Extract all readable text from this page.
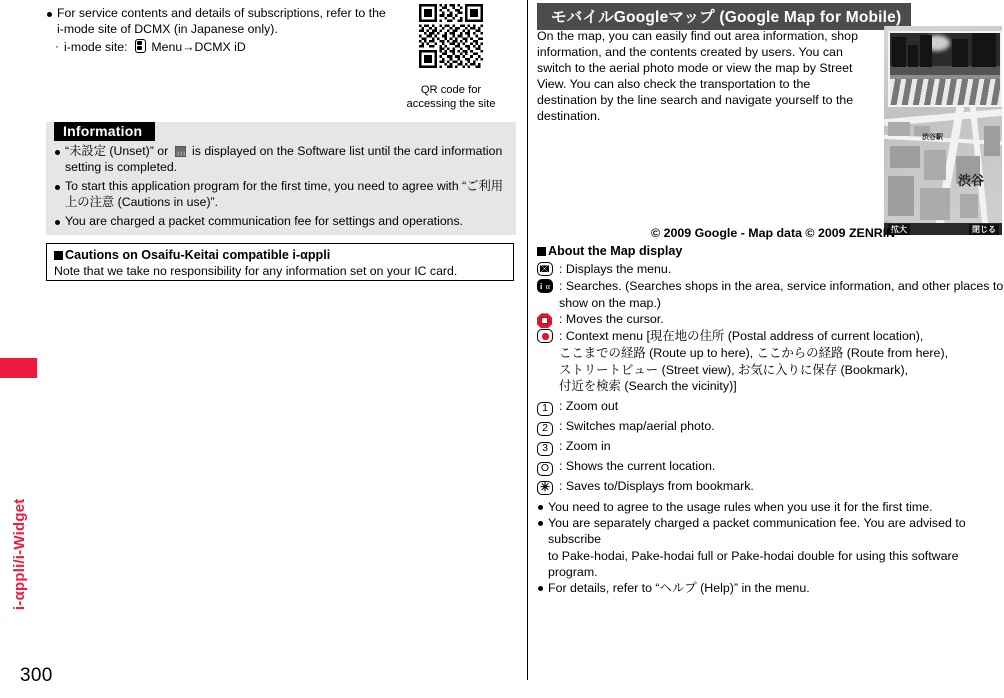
i-αppli/i-Widget
300
For service contents and details of subscriptions, refer to the i-mode site of DCMX (in Japanese only).
· i-mode site: Menu→DCMX iD
QR code for
accessing the site
Information
“未設定 (Unset)” or is displayed on the Software list until the card information setting is completed.
To start this application program for the first time, you need to agree with “ご利用上の注意 (Cautions in use)”.
You are charged a packet communication fee for settings and operations.
Cautions on Osaifu-Keitai compatible i-αppli
Note that we take no responsibility for any information set on your IC card.
モバイルGoogleマップ (Google Map for Mobile)
On the map, you can easily find out area information, shop information, and the contents created by users. You can switch to the aerial photo mode or view the map by Street View. You can also check the transportation to the destination by the line search and navigate yourself to the destination.
渋谷駅
渋谷
拡大	閉じる
© 2009 Google - Map data © 2009 ZENRIN
About the Map display
: Displays the menu.
i α : Searches. (Searches shops in the area, service information, and other places to
show on the map.)
: Moves the cursor.
: Context menu [現在地の住所 (Postal address of current location),
ここまでの経路 (Route up to here), ここからの経路 (Route from here),
ストリートビュー (Street view), お気に入りに保存 (Bookmark),
付近を検索 (Search the vicinity)]
1 : Zoom out
2 : Switches map/aerial photo.
3 : Zoom in
O : Shows the current location.
✳ : Saves to/Displays from bookmark.
You need to agree to the usage rules when you use it for the first time.
You are separately charged a packet communication fee. You are advised to subscribe
to Pake-hodai, Pake-hodai full or Pake-hodai double for using this software program.
For details, refer to “ヘルプ (Help)” in the menu.
